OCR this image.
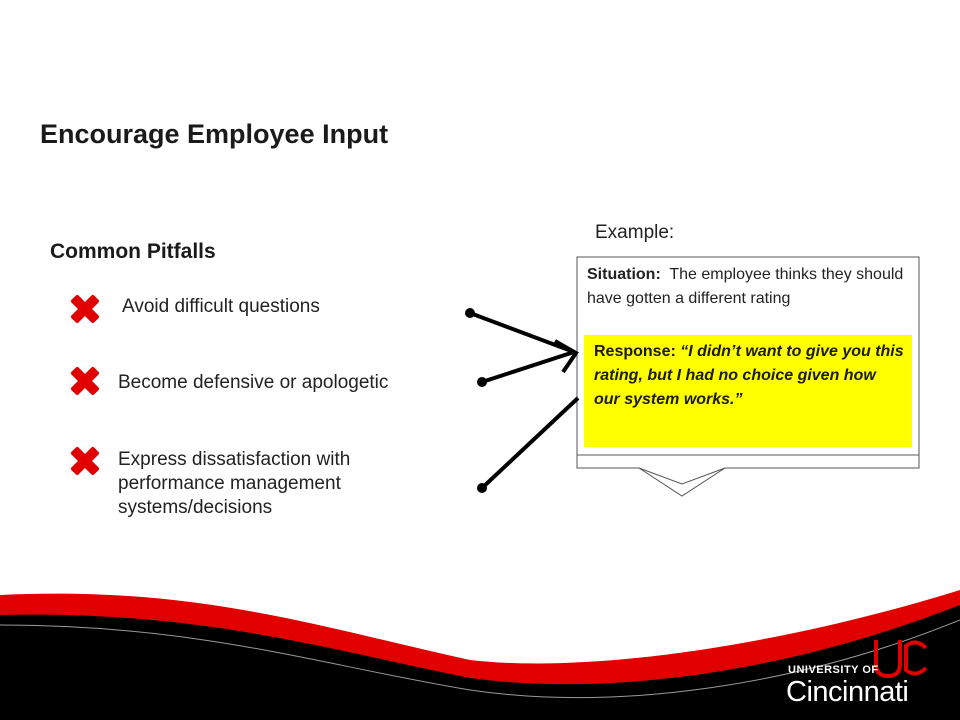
Encourage Employee Input
Common Pitfalls
Avoid difficult questions
Become defensive or apologetic
Express dissatisfaction with performance management systems/decisions
Example:
Situation: The employee thinks they should have gotten a different rating
Response: “I didn’t want to give you this rating, but I had no choice given how our system works.”
UNIVERSITY OF
Cincinnati
